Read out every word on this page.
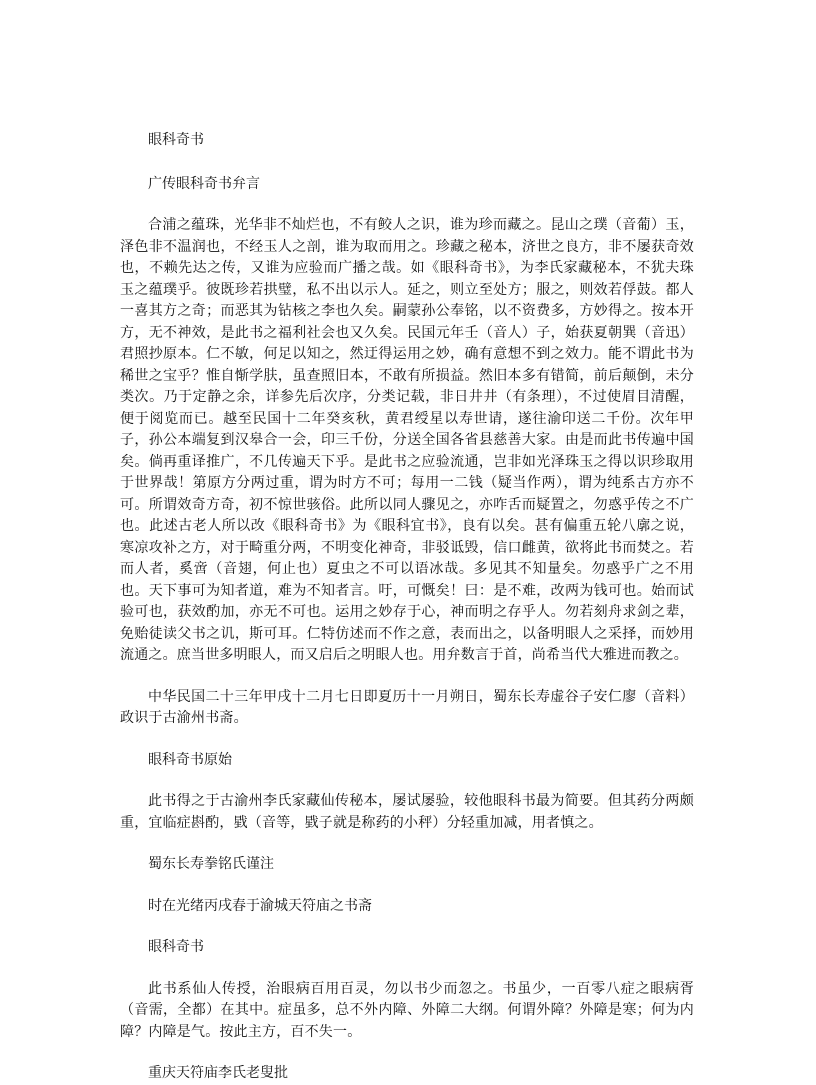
眼科奇书

广传眼科奇书弁言

合浦之蕴珠，光华非不灿烂也，不有鲛人之识，谁为珍而藏之。昆山之璞（音葡）玉，泽色非不温润也，不经玉人之剖，谁为取而用之。珍藏之秘本，济世之良方，非不屡获奇效也，不赖先达之传，又谁为应验而广播之哉。如《眼科奇书》，为李氏家藏秘本，不犹夫珠玉之蕴璞乎。彼既珍若拱璧，私不出以示人。延之，则立至处方；服之，则效若俘鼓。都人一喜其方之奇；而恶其为钻核之李也久矣。嗣蒙孙公奉铭，以不资费多，方妙得之。按本开方，无不神效，是此书之福利社会也又久矣。民国元年壬（音人）子，始获夏朝巽（音迅）君照抄原本。仁不敏，何足以知之，然迂得运用之妙，确有意想不到之效力。能不谓此书为稀世之宝乎？惟自惭学肤，虽查照旧本，不敢有所损益。然旧本多有错简，前后颠倒，未分类次。乃于定静之余，详参先后次序，分类记载，非日井井（有条理），不过使眉目清醒，便于阅览而已。越至民国十二年癸亥秋，黄君绶星以寿世请，遂往渝印送二千份。次年甲子，孙公本端复到汉皋合一会，印三千份，分送全国各省县慈善大家。由是而此书传遍中国矣。倘再重译推广，不几传遍天下乎。是此书之应验流通，岂非如光泽珠玉之得以识珍取用于世界哉！第原方分两过重，谓为时方不可；每用一二钱（疑当作两），谓为纯系古方亦不可。所谓效奇方奇，初不惊世骇俗。此所以同人骤见之，亦咋舌而疑置之，勿惑乎传之不广也。此述古老人所以改《眼科奇书》为《眼科宜书》，良有以矣。甚有偏重五轮八廓之说，寒凉攻补之方，对于畸重分两，不明变化神奇，非驳诋毁，信口雌黄，欲将此书而焚之。若而人者，奚啻（音翅，何止也）夏虫之不可以语冰哉。多见其不知量矣。勿惑乎广之不用也。天下事可为知者道，难为不知者言。吁，可慨矣！曰：是不难，改两为钱可也。始而试验可也，获效酌加，亦无不可也。运用之妙存于心，神而明之存乎人。勿若刻舟求剑之辈，免贻徒读父书之讥，斯可耳。仁特仿述而不作之意，表而出之，以备明眼人之采择，而妙用流通之。庶当世多明眼人，而又启后之明眼人也。用弁数言于首，尚希当代大雅进而教之。

中华民国二十三年甲戌十二月七日即夏历十一月朔日，蜀东长寿虚谷子安仁廖（音料）政识于古渝州书斋。

眼科奇书原始

此书得之于古渝州李氏家藏仙传秘本，屡试屡验，较他眼科书最为简要。但其药分两颇重，宜临症斟酌，戥（音等，戥子就是称药的小秤）分轻重加减，用者慎之。

蜀东长寿拳铭氏谨注

时在光绪丙戌春于渝城天符庙之书斋

眼科奇书

此书系仙人传授，治眼病百用百灵，勿以书少而忽之。书虽少，一百零八症之眼病胥（音需，全都）在其中。症虽多，总不外内障、外障二大纲。何谓外障？外障是寒；何为内障？内障是气。按此主方，百不失一。

重庆天符庙李氏老叟批
